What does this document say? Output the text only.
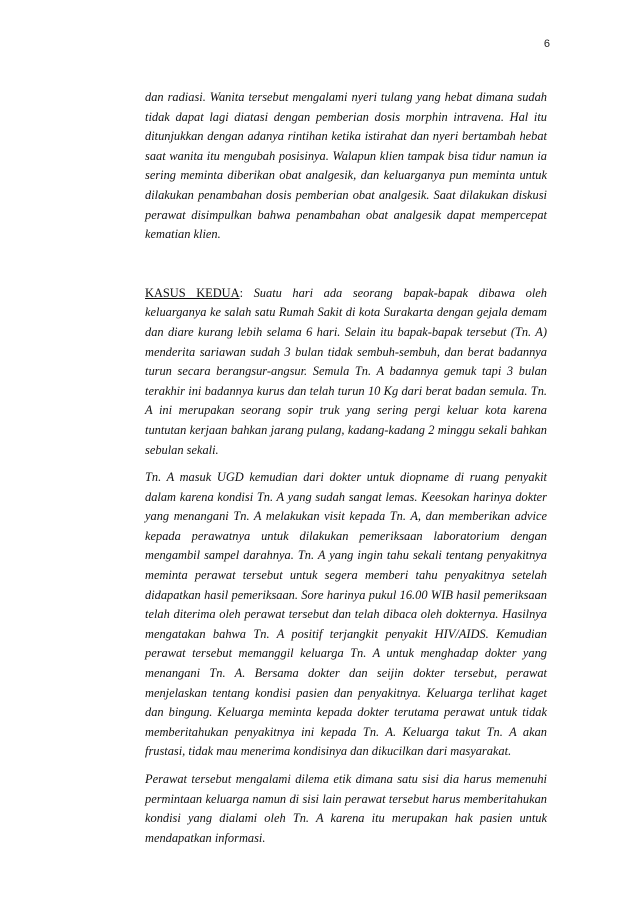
6

dan radiasi. Wanita tersebut mengalami nyeri tulang yang hebat dimana sudah tidak dapat lagi diatasi dengan pemberian dosis morphin intravena. Hal itu ditunjukkan dengan adanya rintihan ketika istirahat dan nyeri bertambah hebat saat wanita itu mengubah posisinya. Walapun klien tampak bisa tidur namun ia sering meminta diberikan obat analgesik, dan keluarganya pun meminta untuk dilakukan penambahan dosis pemberian obat analgesik. Saat dilakukan diskusi perawat disimpulkan bahwa penambahan obat analgesik dapat mempercepat kematian klien.

KASUS KEDUA: Suatu hari ada seorang bapak-bapak dibawa oleh keluarganya ke salah satu Rumah Sakit di kota Surakarta dengan gejala demam dan diare kurang lebih selama 6 hari. Selain itu bapak-bapak tersebut (Tn. A) menderita sariawan sudah 3 bulan tidak sembuh-sembuh, dan berat badannya turun secara berangsur-angsur. Semula Tn. A badannya gemuk tapi 3 bulan terakhir ini badannya kurus dan telah turun 10 Kg dari berat badan semula. Tn. A ini merupakan seorang sopir truk yang sering pergi keluar kota karena tuntutan kerjaan bahkan jarang pulang, kadang-kadang 2 minggu sekali bahkan sebulan sekali.

Tn. A masuk UGD kemudian dari dokter untuk diopname di ruang penyakit dalam karena kondisi Tn. A yang sudah sangat lemas. Keesokan harinya dokter yang menangani Tn. A melakukan visit kepada Tn. A, dan memberikan advice kepada perawatnya untuk dilakukan pemeriksaan laboratorium dengan mengambil sampel darahnya. Tn. A yang ingin tahu sekali tentang penyakitnya meminta perawat tersebut untuk segera memberi tahu penyakitnya setelah didapatkan hasil pemeriksaan. Sore harinya pukul 16.00 WIB hasil pemeriksaan telah diterima oleh perawat tersebut dan telah dibaca oleh dokternya. Hasilnya mengatakan bahwa Tn. A positif terjangkit penyakit HIV/AIDS. Kemudian perawat tersebut memanggil keluarga Tn. A untuk menghadap dokter yang menangani Tn. A. Bersama dokter dan seijin dokter tersebut, perawat menjelaskan tentang kondisi pasien dan penyakitnya. Keluarga terlihat kaget dan bingung. Keluarga meminta kepada dokter terutama perawat untuk tidak memberitahukan penyakitnya ini kepada Tn. A. Keluarga takut Tn. A akan frustasi, tidak mau menerima kondisinya dan dikucilkan dari masyarakat.

Perawat tersebut mengalami dilema etik dimana satu sisi dia harus memenuhi permintaan keluarga namun di sisi lain perawat tersebut harus memberitahukan kondisi yang dialami oleh Tn. A karena itu merupakan hak pasien untuk mendapatkan informasi.
